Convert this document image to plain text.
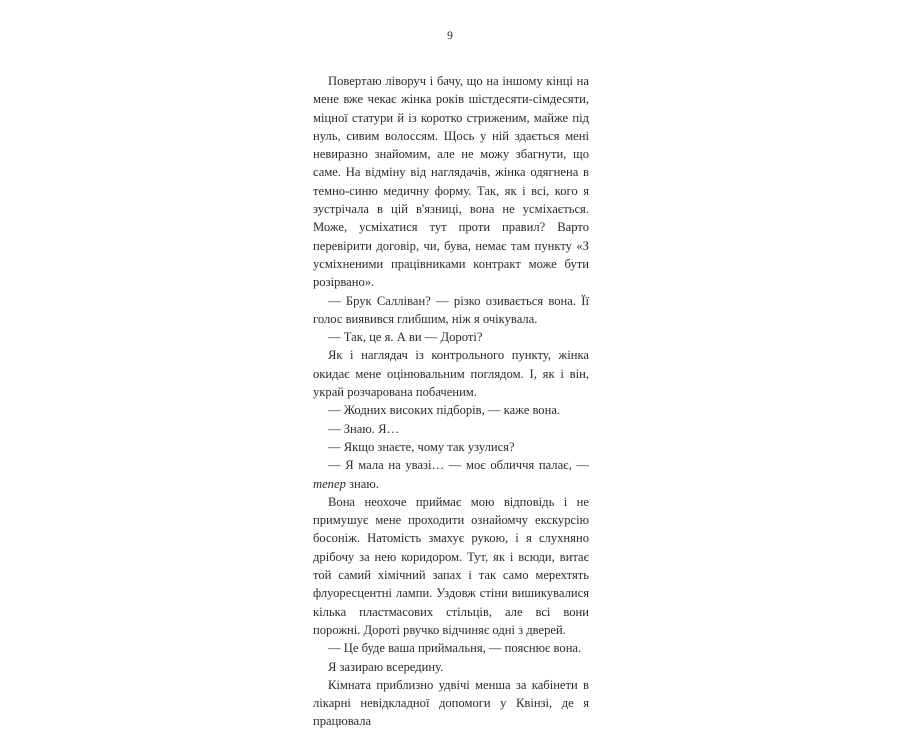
9

Повертаю ліворуч і бачу, що на іншому кінці на мене вже чекає жінка років шістдесяти-сімдесяти, міцної статури й із коротко стриженим, майже під нуль, сивим волоссям. Щось у ній здається мені невиразно знайомим, але не можу збагнути, що саме. На відміну від наглядачів, жінка одягнена в темно-синю медичну форму. Так, як і всі, кого я зустрічала в цій в'язниці, вона не усміхається. Може, усміхатися тут проти правил? Варто перевірити договір, чи, бува, немає там пункту «З усміхненими працівниками контракт може бути розірвано».

— Брук Салліван? — різко озивається вона. Її голос виявився глибшим, ніж я очікувала.

— Так, це я. А ви — Дороті?

Як і наглядач із контрольного пункту, жінка окидає мене оцінювальним поглядом. І, як і він, украй розчарована побаченим.

— Жодних високих підборів, — каже вона.

— Знаю. Я…

— Якщо знаєте, чому так узулися?

— Я мала на увазі… — моє обличчя палає, — тепер знаю.

Вона неохоче приймає мою відповідь і не примушує мене проходити ознайомчу екскурсію босоніж. Натомість змахує рукою, і я слухняно дрібочу за нею коридором. Тут, як і всюди, витає той самий хімічний запах і так само мерехтять флуоресцентні лампи. Уздовж стіни вишикувалися кілька пластмасових стільців, але всі вони порожні. Дороті рвучко відчиняє одні з дверей.

— Це буде ваша приймальня, — пояснює вона.

Я зазираю всередину.

Кімната приблизно удвічі менша за кабінети в лікарні невідкладної допомоги у Квінзі, де я працювала
